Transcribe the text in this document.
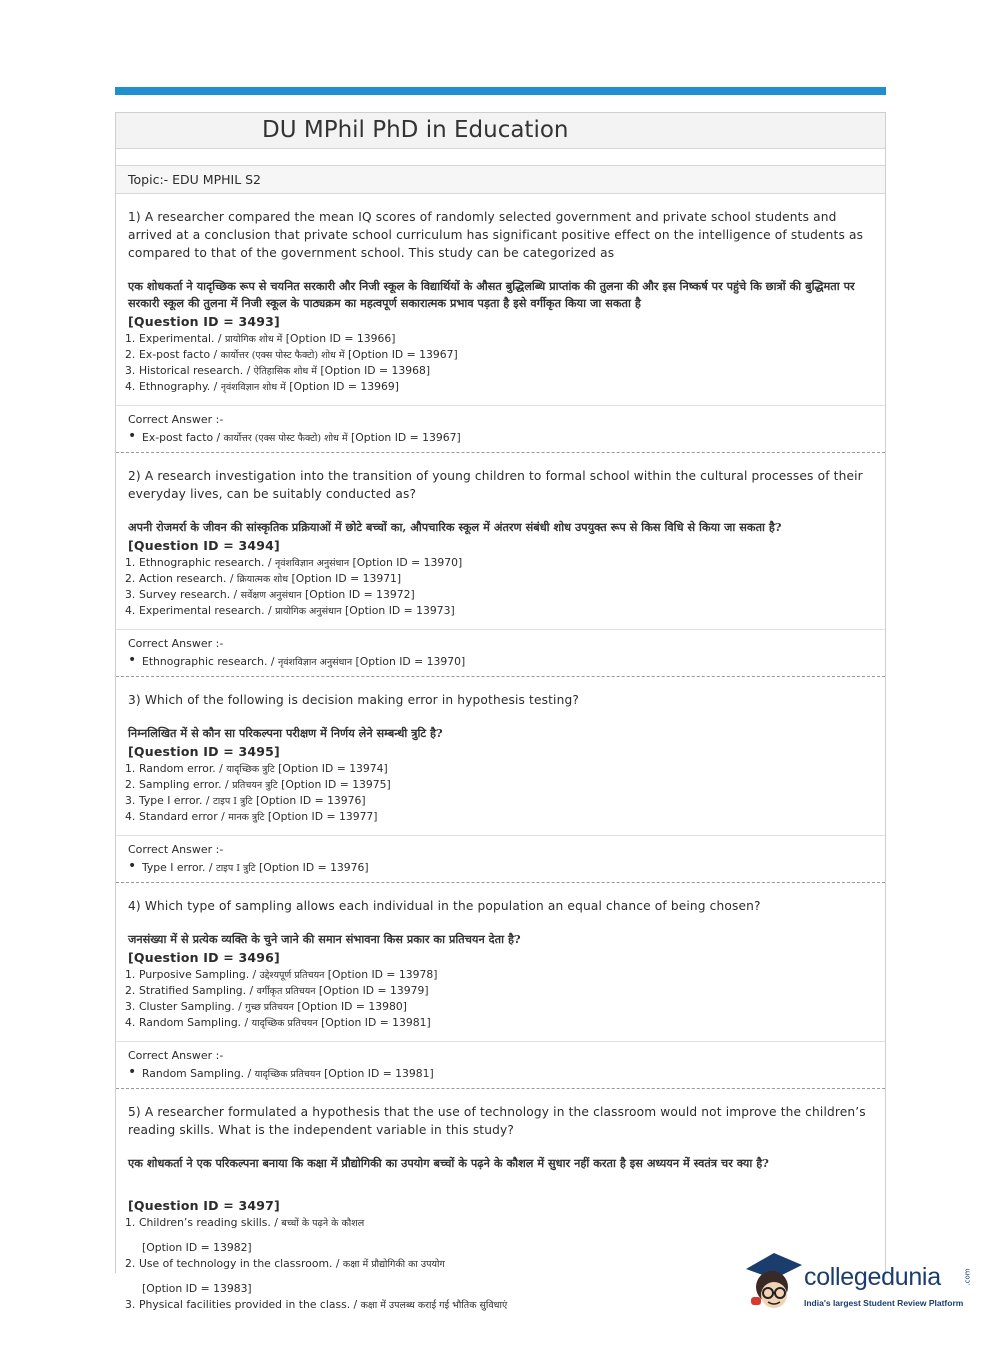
DU MPhil PhD in Education
Topic:- EDU MPHIL S2
1) A researcher compared the mean IQ scores of randomly selected government and private school students and arrived at a conclusion that private school curriculum has significant positive effect on the intelligence of students as compared to that of the government school. This study can be categorized as
एक शोधकर्ता ने यादृच्छिक रूप से चयनित सरकारी और निजी स्कूल के विद्यार्थियों के औसत बुद्धिलब्धि प्राप्तांक की तुलना की और इस निष्कर्ष पर पहुंचे कि छात्रों की बुद्धिमता पर सरकारी स्कूल की तुलना में निजी स्कूल के पाठ्यक्रम का महत्वपूर्ण सकारात्मक प्रभाव पड़ता है इसे वर्गीकृत किया जा सकता है
[Question ID = 3493]
1. Experimental. / प्रायोगिक शोध में [Option ID = 13966]
2. Ex-post facto / कार्योत्तर (एक्स पोस्ट फैक्टो) शोध में [Option ID = 13967]
3. Historical research. / ऐतिहासिक शोध में [Option ID = 13968]
4. Ethnography. / नृवंशविज्ञान शोध में [Option ID = 13969]
Correct Answer :-
• Ex-post facto / कार्योत्तर (एक्स पोस्ट फैक्टो) शोध में [Option ID = 13967]
2) A research investigation into the transition of young children to formal school within the cultural processes of their everyday lives, can be suitably conducted as?
अपनी रोजमर्रा के जीवन की सांस्कृतिक प्रक्रियाओं में छोटे बच्चों का, औपचारिक स्कूल में अंतरण संबंधी शोध उपयुक्त रूप से किस विधि से किया जा सकता है?
[Question ID = 3494]
1. Ethnographic research. / नृवंशविज्ञान अनुसंधान [Option ID = 13970]
2. Action research. / क्रियात्मक शोध [Option ID = 13971]
3. Survey research. / सर्वेक्षण अनुसंधान [Option ID = 13972]
4. Experimental research. / प्रायोगिक अनुसंधान [Option ID = 13973]
Correct Answer :-
• Ethnographic research. / नृवंशविज्ञान अनुसंधान [Option ID = 13970]
3) Which of the following is decision making error in hypothesis testing?
निम्नलिखित में से कौन सा परिकल्पना परीक्षण में निर्णय लेने सम्बन्धी त्रुटि है?
[Question ID = 3495]
1. Random error. / यादृच्छिक त्रुटि [Option ID = 13974]
2. Sampling error. / प्रतिचयन त्रुटि [Option ID = 13975]
3. Type I error. / टाइप I त्रुटि [Option ID = 13976]
4. Standard error / मानक त्रुटि [Option ID = 13977]
Correct Answer :-
• Type I error. / टाइप I त्रुटि [Option ID = 13976]
4) Which type of sampling allows each individual in the population an equal chance of being chosen?
जनसंख्या में से प्रत्येक व्यक्ति के चुने जाने की समान संभावना किस प्रकार का प्रतिचयन देता है?
[Question ID = 3496]
1. Purposive Sampling. / उद्देश्यपूर्ण प्रतिचयन [Option ID = 13978]
2. Stratified Sampling. / वर्गीकृत प्रतिचयन [Option ID = 13979]
3. Cluster Sampling. / गुच्छ प्रतिचयन [Option ID = 13980]
4. Random Sampling. / यादृच्छिक प्रतिचयन [Option ID = 13981]
Correct Answer :-
• Random Sampling. / यादृच्छिक प्रतिचयन [Option ID = 13981]
5) A researcher formulated a hypothesis that the use of technology in the classroom would not improve the children’s reading skills. What is the independent variable in this study?
एक शोधकर्ता ने एक परिकल्पना बनाया कि कक्षा में प्रौद्योगिकी का उपयोग बच्चों के पढ़ने के कौशल में सुधार नहीं करता है इस अध्ययन में स्वतंत्र चर क्या है?
[Question ID = 3497]
1. Children’s reading skills. / बच्चों के पढ़ने के कौशल
[Option ID = 13982]
2. Use of technology in the classroom. / कक्षा में प्रौद्योगिकी का उपयोग
[Option ID = 13983]
3. Physical facilities provided in the class. / कक्षा में उपलब्ध कराई गई भौतिक सुविधाएं
collegedunia	.com
India's largest Student Review Platform
